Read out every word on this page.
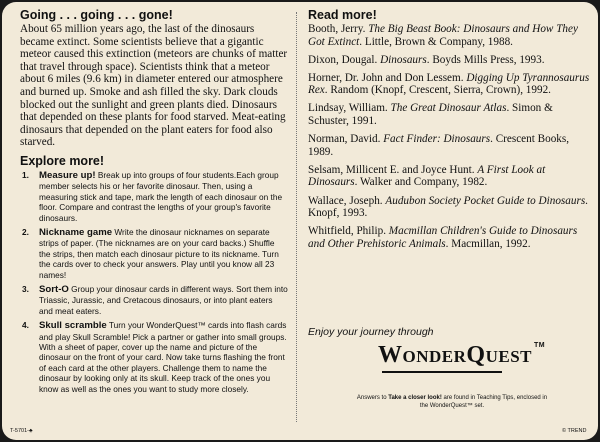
Going . . . going . . . gone!

About 65 million years ago, the last of the dinosaurs became extinct. Some scientists believe that a gigantic meteor caused this extinction (meteors are chunks of matter that travel through space). Scientists think that a meteor about 6 miles (9.6 km) in diameter entered our atmosphere and burned up. Smoke and ash filled the sky. Dark clouds blocked out the sunlight and green plants died. Dinosaurs that depended on these plants for food starved. Meat-eating dinosaurs that depended on the plant eaters for food also starved.

Explore more!
1. Measure up! Break up into groups of four students.Each group member selects his or her favorite dinosaur. Then, using a measuring stick and tape, mark the length of each dinosaur on the floor. Compare and contrast the lengths of your group's favorite dinosaurs.
2. Nickname game Write the dinosaur nicknames on separate strips of paper. (The nicknames are on your card backs.) Shuffle the strips, then match each dinosaur picture to its nickname. Turn the cards over to check your answers. Play until you know all 23 names!
3. Sort-O Group your dinosaur cards in different ways. Sort them into Triassic, Jurassic, and Cretacous dinosaurs, or into plant eaters and meat eaters.
4. Skull scramble Turn your WonderQuest™ cards into flash cards and play Skull Scramble! Pick a partner or gather into small groups. With a sheet of paper, cover up the name and picture of the dinosaur on the front of your card. Now take turns flashing the front of each card at the other players. Challenge them to name the dinosaur by looking only at its skull. Keep track of the ones you know as well as the ones you want to study more closely.
Read more!

Booth, Jerry. The Big Beast Book: Dinosaurs and How They Got Extinct. Little, Brown & Company, 1988.

Dixon, Dougal. Dinosaurs. Boyds Mills Press, 1993.

Horner, Dr. John and Don Lessem. Digging Up Tyrannosaurus Rex. Random (Knopf, Crescent, Sierra, Crown), 1992.

Lindsay, William. The Great Dinosaur Atlas. Simon & Schuster, 1991.

Norman, David. Fact Finder: Dinosaurs. Crescent Books, 1989.

Selsam, Millicent E. and Joyce Hunt. A First Look at Dinosaurs. Walker and Company, 1982.

Wallace, Joseph. Audubon Society Pocket Guide to Dinosaurs. Knopf, 1993.

Whitfield, Philip. Macmillan Children's Guide to Dinosaurs and Other Prehistoric Animals. Macmillan, 1992.

Enjoy your journey through
WONDERQUEST™
Answers to Take a closer look! are found in Teaching Tips, enclosed in the WonderQuest™ set.
T-5701-♣	© TREND
